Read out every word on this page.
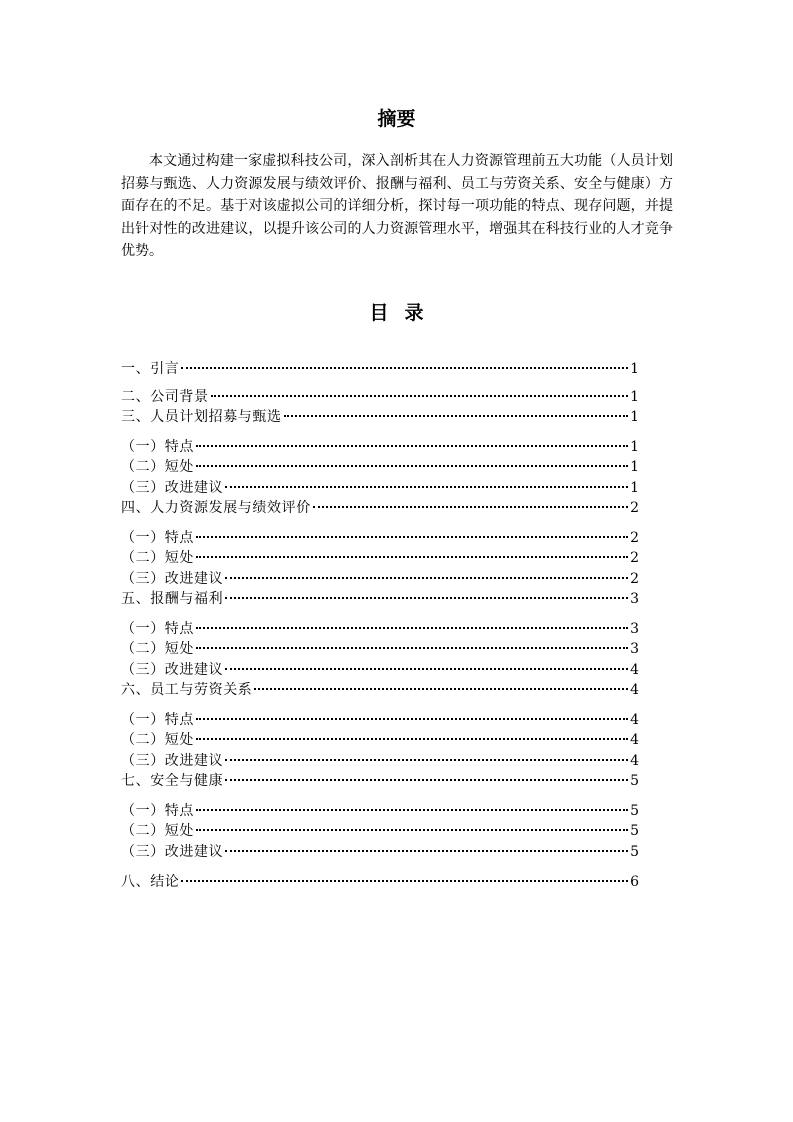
摘要
本文通过构建一家虚拟科技公司，深入剖析其在人力资源管理前五大功能（人员计划招募与甄选、人力资源发展与绩效评价、报酬与福利、员工与劳资关系、安全与健康）方面存在的不足。基于对该虚拟公司的详细分析，探讨每一项功能的特点、现存问题，并提出针对性的改进建议，以提升该公司的人力资源管理水平，增强其在科技行业的人才竞争优势。
目录
一、引言	1
二、公司背景	1
三、人员计划招募与甄选	1
（一）特点	1
（二）短处	1
（三）改进建议	1
四、人力资源发展与绩效评价	2
（一）特点	2
（二）短处	2
（三）改进建议	2
五、报酬与福利	3
（一）特点	3
（二）短处	3
（三）改进建议	4
六、员工与劳资关系	4
（一）特点	4
（二）短处	4
（三）改进建议	4
七、安全与健康	5
（一）特点	5
（二）短处	5
（三）改进建议	5
八、结论	6
